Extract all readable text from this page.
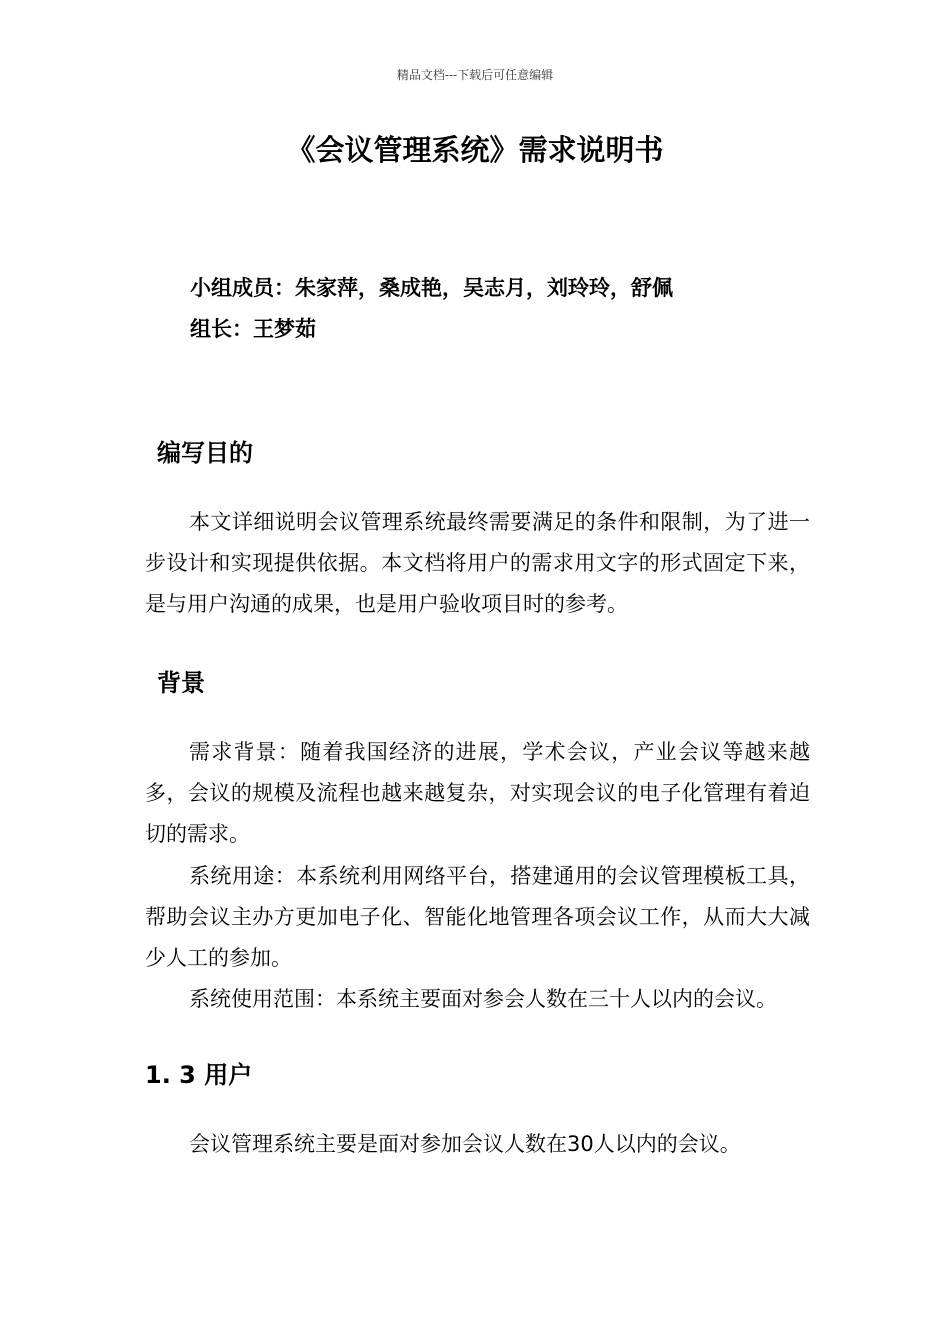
精品文档---下载后可任意编辑
《会议管理系统》需求说明书
小组成员：朱家萍，桑成艳，吴志月，刘玲玲，舒佩
组长：王梦茹
编写目的

本文详细说明会议管理系统最终需要满足的条件和限制，为了进一步设计和实现提供依据。本文档将用户的需求用文字的形式固定下来，是与用户沟通的成果，也是用户验收项目时的参考。

背景

需求背景：随着我国经济的进展，学术会议，产业会议等越来越多，会议的规模及流程也越来越复杂，对实现会议的电子化管理有着迫切的需求。

系统用途：本系统利用网络平台，搭建通用的会议管理模板工具，帮助会议主办方更加电子化、智能化地管理各项会议工作，从而大大减少人工的参加。

系统使用范围：本系统主要面对参会人数在三十人以内的会议。

1. 3 用户

会议管理系统主要是面对参加会议人数在30人以内的会议。
